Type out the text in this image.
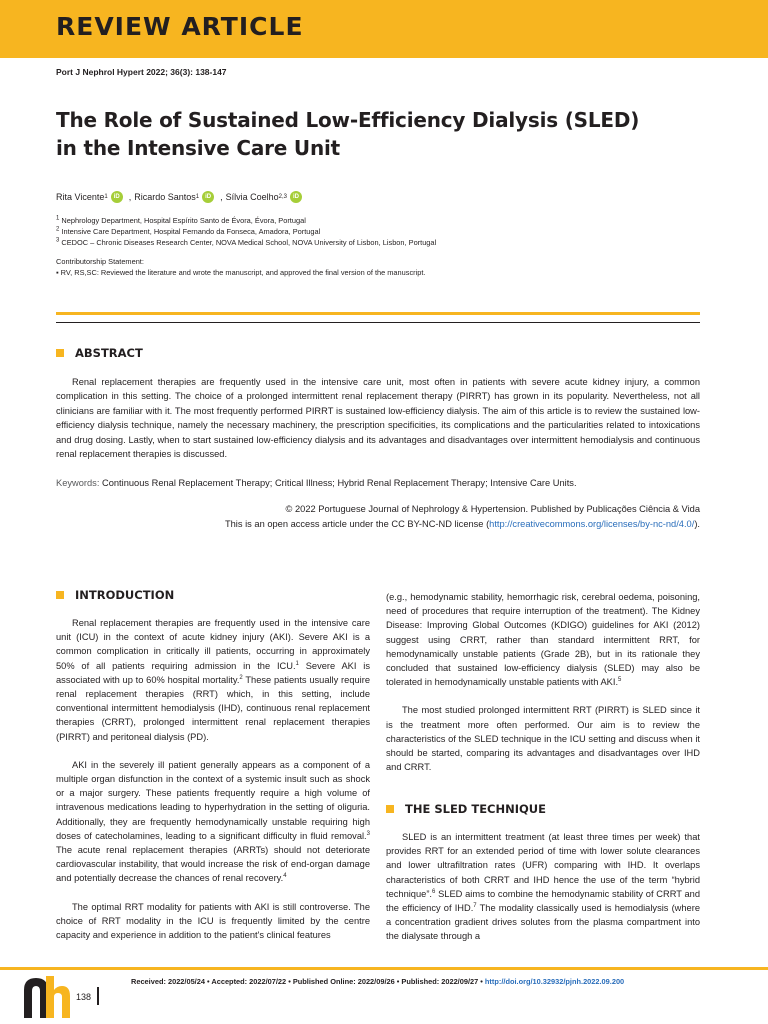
REVIEW ARTICLE
Port J Nephrol Hypert 2022; 36(3): 138-147
The Role of Sustained Low-Efficiency Dialysis (SLED)
in the Intensive Care Unit
Rita Vicente 1	iD	, Ricardo Santos 1	iD	, Sílvia Coelho 2,3	iD
$^1$ Nephrology Department, Hospital Espírito Santo de Évora, Évora, Portugal
$^2$ Intensive Care Department, Hospital Fernando da Fonseca, Amadora, Portugal
$^3$ CEDOC – Chronic Diseases Research Center, NOVA Medical School, NOVA University of Lisbon, Lisbon, Portugal
Contributorship Statement:
▪ RV, RS,SC: Reviewed the literature and wrote the manuscript, and approved the final version of the manuscript.
ABSTRACT

Renal replacement therapies are frequently used in the intensive care unit, most often in patients with severe acute kidney injury, a common complication in this setting. The choice of a prolonged intermittent renal replacement therapy (PIRRT) has grown in its popularity. Nevertheless, not all clinicians are familiar with it. The most frequently performed PIRRT is sustained low-efficiency dialysis. The aim of this article is to review the sustained low-efficiency dialysis technique, namely the necessary machinery, the prescription specificities, its complications and the particularities related to intoxications and drug dosing. Lastly, when to start sustained low-efficiency dialysis and its advantages and disadvantages over intermittent hemodialysis and continuous renal replacement therapies is discussed.

Keywords: Continuous Renal Replacement Therapy; Critical Illness; Hybrid Renal Replacement Therapy; Intensive Care Units.
© 2022 Portuguese Journal of Nephrology & Hypertension. Published by Publicações Ciência & Vida
This is an open access article under the CC BY-NC-ND license (http://creativecommons.org/licenses/by-nc-nd/4.0/).
INTRODUCTION

Renal replacement therapies are frequently used in the intensive care unit (ICU) in the context of acute kidney injury (AKI). Severe AKI is a common complication in critically ill patients, occurring in approximately 50% of all patients requiring admission in the ICU.$^1$ Severe AKI is associated with up to 60% hospital mortality.$^2$ These patients usually require renal replacement therapies (RRT) which, in this setting, include conventional intermittent hemodialysis (IHD), continuous renal replacement therapies (CRRT), prolonged intermittent renal replacement therapies (PIRRT) and peritoneal dialysis (PD).

AKI in the severely ill patient generally appears as a component of a multiple organ disfunction in the context of a systemic insult such as shock or a major surgery. These patients frequently require a high volume of intravenous medications leading to hyperhydration in the setting of oliguria. Additionally, they are frequently hemodynamically unstable requiring high doses of catecholamines, leading to a significant difficulty in fluid removal.$^3$ The acute renal replacement therapies (ARRTs) should not deteriorate cardiovascular instability, that would increase the risk of end-organ damage and potentially decrease the chances of renal recovery.$^4$

The optimal RRT modality for patients with AKI is still controverse. The choice of RRT modality in the ICU is frequently limited by the centre capacity and experience in addition to the patient's clinical features

(e.g., hemodynamic stability, hemorrhagic risk, cerebral oedema, poisoning, need of procedures that require interruption of the treatment). The Kidney Disease: Improving Global Outcomes (KDIGO) guidelines for AKI (2012) suggest using CRRT, rather than standard intermittent RRT, for hemodynamically unstable patients (Grade 2B), but in its rationale they concluded that sustained low-efficiency dialysis (SLED) may also be tolerated in hemodynamically unstable patients with AKI.$^5$

The most studied prolonged intermittent RRT (PIRRT) is SLED since it is the treatment more often performed. Our aim is to review the characteristics of the SLED technique in the ICU setting and discuss when it should be started, comparing its advantages and disadvantages over IHD and CRRT.

THE SLED TECHNIQUE

SLED is an intermittent treatment (at least three times per week) that provides RRT for an extended period of time with lower solute clearances and lower ultrafiltration rates (UFR) comparing with IHD. It overlaps characteristics of both CRRT and IHD hence the use of the term “hybrid technique”.$^6$ SLED aims to combine the hemodynamic stability of CRRT and the efficiency of IHD.$^7$ The modality classically used is hemodialysis (where a concentration gradient drives solutes from the plasma compartment into the dialysate through a

138
Received: 2022/05/24 • Accepted: 2022/07/22 • Published Online: 2022/09/26 • Published: 2022/09/27 • http://doi.org/10.32932/pjnh.2022.09.200
